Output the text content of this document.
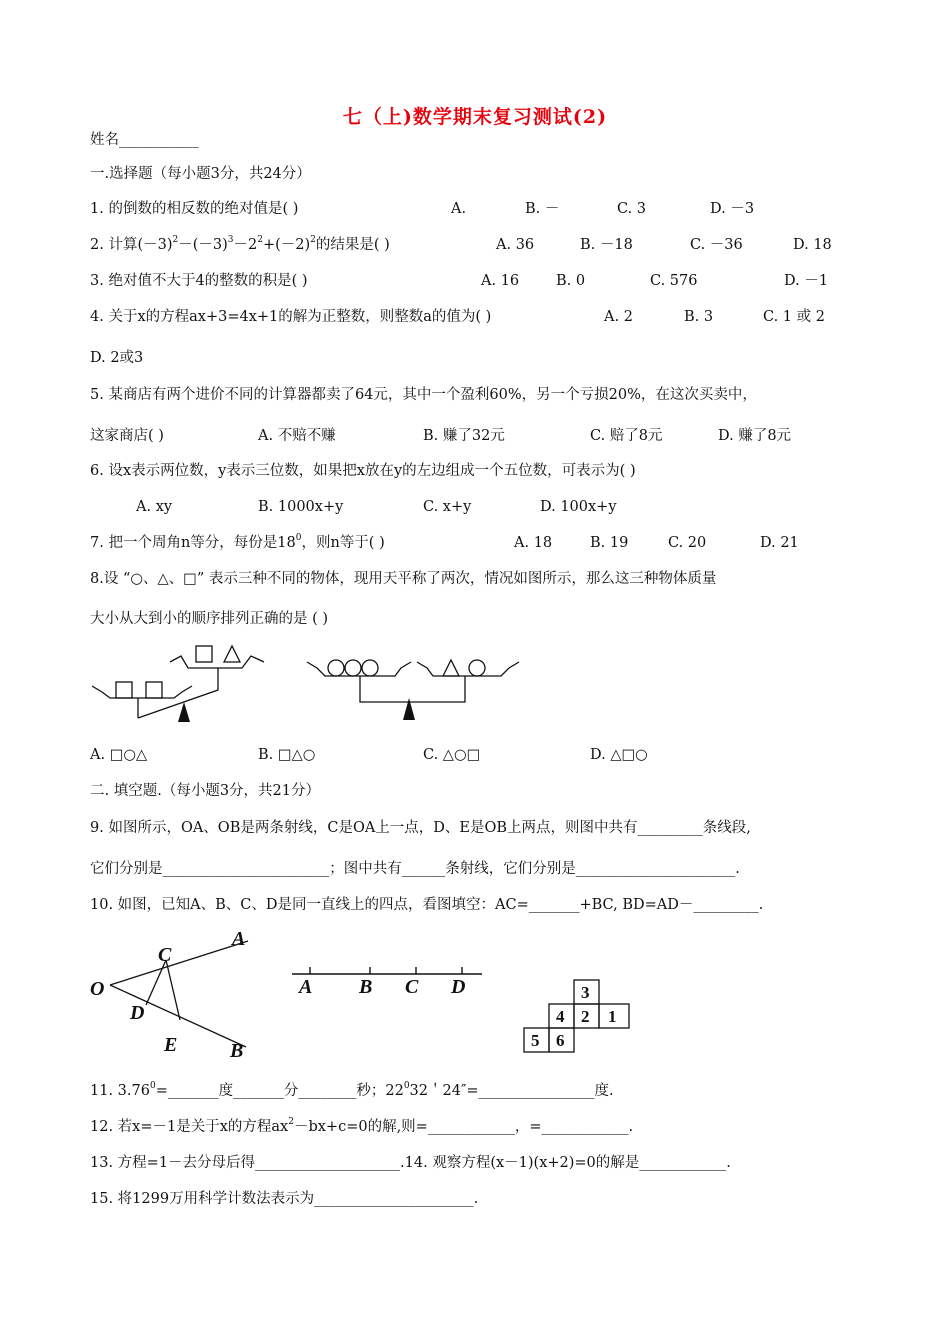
七（上)数学期末复习测试(2)
姓名___________
一.选择题（每小题3分，共24分）
1. 的倒数的相反数的绝对值是( )	A.	B. －	C. 3	D. －3
2. 计算$(-3)^2-(-3)^3-2^2+(-2)^2$的结果是( )	A. 36	B. －18	C. －36	D. 18
3. 绝对值不大于4的整数的积是( )	A. 16	B. 0	C. 576	D. －1
4. 关于x的方程ax+3=4x+1的解为正整数，则整数a的值为( )	A. 2	B. 3	C. 1 或 2
D. 2或3
5. 某商店有两个进价不同的计算器都卖了64元，其中一个盈利60%，另一个亏损20%，在这次买卖中，
这家商店( )	A. 不赔不赚	B. 赚了32元	C. 赔了8元	D. 赚了8元
6. 设x表示两位数，y表示三位数，如果把x放在y的左边组成一个五位数，可表示为( )
A. xy	B. 1000x+y	C. x+y	D. 100x+y
7. 把一个周角n等分，每份是$18^0$，则n等于( )	A. 18	B. 19	C. 20	D. 21
8.设 “○、△、□” 表示三种不同的物体，现用天平称了两次，情况如图所示，那么这三种物体质量
大小从大到小的顺序排列正确的是 ( )
A. □○△	B. □△○	C. △○□	D. △□○
二. 填空题.（每小题3分，共21分）
9. 如图所示，OA、OB是两条射线，C是OA上一点，D、E是OB上两点，则图中共有_________条线段,
它们分别是_______________________；图中共有______条射线，它们分别是______________________.
10. 如图，已知A、B、C、D是同一直线上的四点，看图填空：AC=_______+BC, BD=AD－_________.
A
C
O
D
E	B
A B C D	3
4 2 1
5 6
11. $3.76^0=\_\_\_\_\_\_\_$度_______分________秒；$22^032$＇24″=________________度.
12. 若x=－1是关于x的方程$ax^2-bx+c=0$的解,则=____________，=____________.
13. 方程=1－去分母后得____________________.14. 观察方程(x－1)(x+2)=0的解是____________.
15. 将1299万用科学计数法表示为______________________.
